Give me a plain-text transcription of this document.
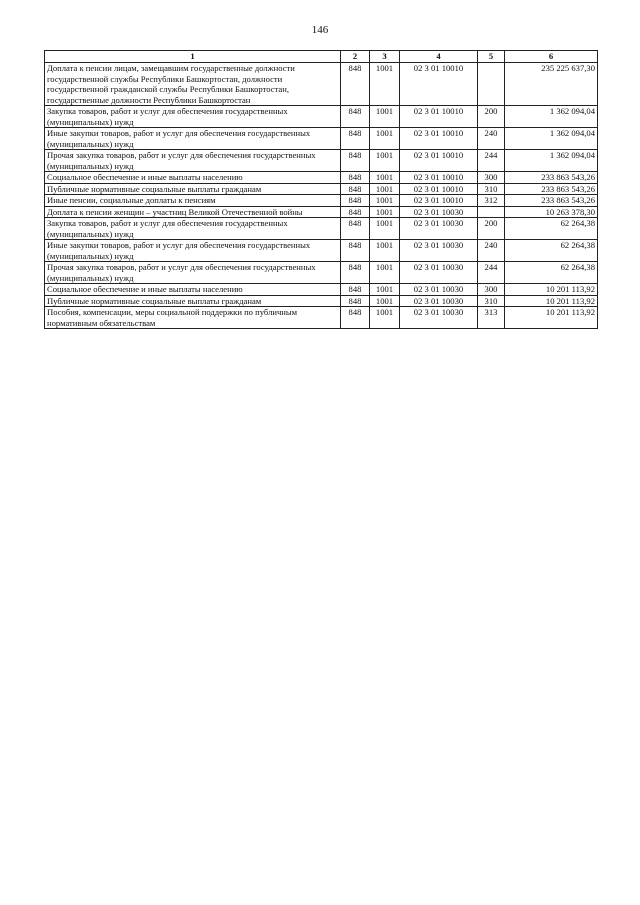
146
1	2	3	4	5	6
Доплата к пенсии лицам, замещавшим государственные должности государственной службы Республики Башкортостан, должности государственной гражданской службы Республики Башкортостан, государственные должности Республики Башкортостан	848	1001	02 3 01 10010		235 225 637,30
Закупка товаров, работ и услуг для обеспечения государственных (муниципальных) нужд	848	1001	02 3 01 10010	200	1 362 094,04
Иные закупки товаров, работ и услуг для обеспечения государственных (муниципальных) нужд	848	1001	02 3 01 10010	240	1 362 094,04
Прочая закупка товаров, работ и услуг для обеспечения государственных (муниципальных) нужд	848	1001	02 3 01 10010	244	1 362 094,04
Социальное обеспечение и иные выплаты населению	848	1001	02 3 01 10010	300	233 863 543,26
Публичные нормативные социальные выплаты гражданам	848	1001	02 3 01 10010	310	233 863 543,26
Иные пенсии, социальные доплаты к пенсиям	848	1001	02 3 01 10010	312	233 863 543,26
Доплата к пенсии женщин – участниц Великой Отечественной войны	848	1001	02 3 01 10030		10 263 378,30
Закупка товаров, работ и услуг для обеспечения государственных (муниципальных) нужд	848	1001	02 3 01 10030	200	62 264,38
Иные закупки товаров, работ и услуг для обеспечения государственных (муниципальных) нужд	848	1001	02 3 01 10030	240	62 264,38
Прочая закупка товаров, работ и услуг для обеспечения государственных (муниципальных) нужд	848	1001	02 3 01 10030	244	62 264,38
Социальное обеспечение и иные выплаты населению	848	1001	02 3 01 10030	300	10 201 113,92
Публичные нормативные социальные выплаты гражданам	848	1001	02 3 01 10030	310	10 201 113,92
Пособия, компенсации, меры социальной поддержки по публичным нормативным обязательствам	848	1001	02 3 01 10030	313	10 201 113,92
